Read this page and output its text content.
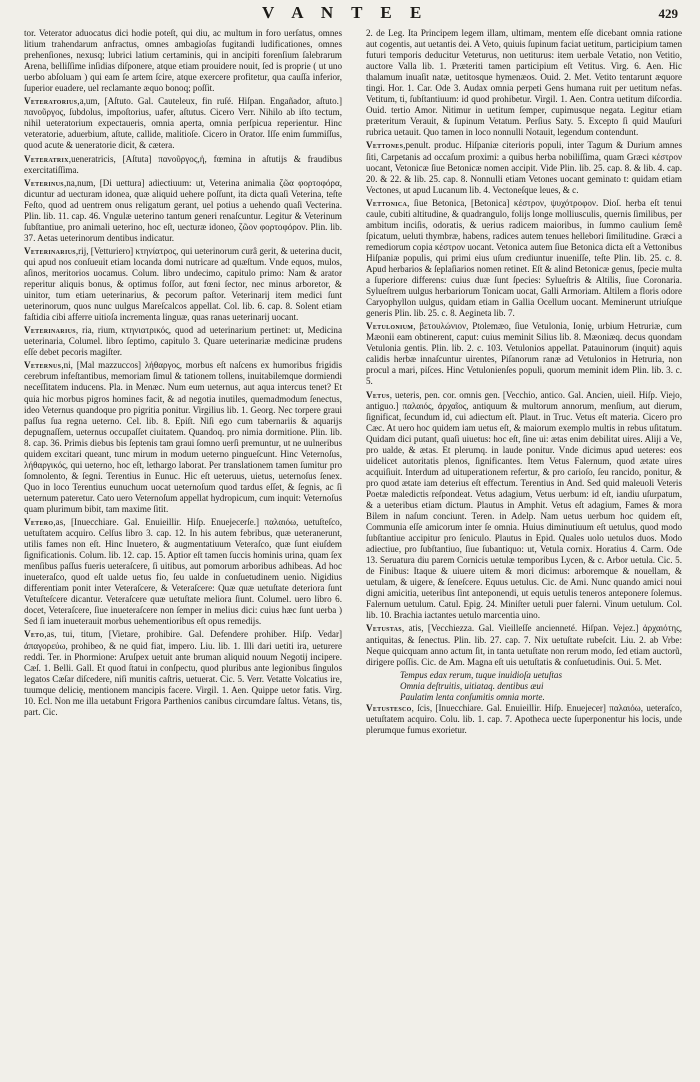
V A N T E E	429

tor. Veterator aduocatus dici hodie poteſt, qui diu, ac multum in foro uerſatus, omnes litium trahendarum anfractus, omnes ambagioſas fugitandi ludificationes, omnes prehenſiones, nexusq; lubrici latium certaminis, qui in ancipiti forenſium ſalebrarum Arena, belliſſime inſidias diſponere, atque etiam prouidere nouit, ſed is proprie ( ut uno uerbo abſoluam ) qui eam ſe artem ſcire, atque exercere profitetur, qua cauſſa inferior, ſuperior euadere, uel reclamante æquo bonoq; poſſit.

Veteratorius,a,um, [Aſtuto. Gal. Cauteleux, fin ruſé. Hiſpan. Engañador, aſtuto.] πανοῦργος, ſubdolus, impoſtorius, uafer, aſtutus. Cicero Verr. Nihilo ab iſto tectum, nihil ueteratorium expectaueris, omnia aperta, omnia perſpicua reperientur. Hinc veteratorie, aduerbium, aſtute, callide, malitioſe. Cicero in Orator. Iſſe enim ſummiſſus, quod acute & ueneratorie dicit, & cætera.

Veteratrix,ueneratricis, [Aſtuta] πανοῦργος,ἡ, fœmina in aſtutijs & fraudibus exercitatiſſima.

Veterinus,na,num, [Di uettura] adiectiuum: ut, Veterina animalia ζῶα φορτοφόρα, dicuntur ad uecturam idonea, quæ aliquid uehere poſſunt, ita dicta quaſi Veterina, teſte Feſto, quod ad uentrem onus religatum gerant, uel potius a uehendo quaſi Vecterina. Plin. lib. 11. cap. 46. Vngulæ ueterino tantum generi renaſcuntur. Legitur & Veterinum ſubſtantiue, pro animali ueterino, hoc eſt, uecturæ idoneo, ζῶον φορτοφόρον. Plin. lib. 37. Aetas ueterinorum dentibus indicatur.

Veterinarius,rij, [Vetturiero] κτηνίατρος, qui ueterinorum curâ gerit, & ueterina ducit, qui apud nos conſueuit etiam locanda domi nutricare ad quæſtum. Vnde equos, mulos, aſinos, meritorios uocamus. Colum. libro undecimo, capitulo primo: Nam & arator reperitur aliquis bonus, & optimus foſſor, aut fœni ſector, nec minus arboretor, & uinitor, tum etiam ueterinarius, & pecorum paſtor. Veterinarij item medici ſunt ueterinorum, quos nunc uulgus Mareſcalcos appellat. Col. lib. 6. cap. 8. Solent etiam faſtidia cibi afferre uitioſa incrementa linguæ, quas ranas ueterinarij uocant.

Veterinarius, ria, rium, κτηνιατρικός, quod ad ueterinarium pertinet: ut, Medicina ueterinaria, Columel. libro ſeptimo, capitulo 3. Quare ueterinariæ medicinæ prudens eſſe debet pecoris magiſter.

Veternus,ni, [Mal mazzuccos] λήθαργος, morbus eſt naſcens ex humoribus frigidis cerebrum infeſtantibus, memoriam ſimul & tationem tollens, inuitabilemque dormiendi neceſſitatem inducens. Pla. in Menæc. Num eum ueternus, aut aqua intercus tenet? Et quia hic morbus pigros homines facit, & ad negotia inutiles, quemadmodum ſenectus, ideo Veternus quandoque pro pigritia ponitur. Virgilius lib. 1. Georg. Nec torpere graui paſſus ſua regna ueterno. Cel. lib. 8. Epiſt. Niſi ego cum tabernariis & aquarijs depugnaſſem, ueternus occupaſſet ciuitatem. Quandoq. pro nimia dormitione. Plin. lib. 8. cap. 36. Primis diebus bis ſeptenis tam graui ſomno uerſi premuntur, ut ne uulneribus quidem excitari queant, tunc mirum in modum ueterno pingueſcunt. Hinc Veternoſus, λήθαργικός, qui ueterno, hoc eſt, lethargo laborat. Per translationem tamen ſumitur pro ſomnolento, & ſegni. Terentius in Eunuc. Hic eſt ueteruus, uietus, ueternoſus ſenex. Quo in loco Terentius eunuchum uocat ueternoſum quod tardus eſſet, & ſegnis, ac ſi ueternum pateretur. Cato uero Veternoſum appellat hydropicum, cum inquit: Veternoſus quam plurimum bibit, tam maxime ſitit.

Vetero,as, [Inuecchiare. Gal. Enuieillir. Hiſp. Enuejecerſe.] παλαιόω, uetuſteſco, uetuſtatem acquiro. Celſus libro 3. cap. 12. In his autem febribus, quæ ueteranerunt, utilis fames non eſt. Hinc Inuetero, & augmentatiuum Veteraſco, quæ ſunt eiuſdem ſignificationis. Colum. lib. 12. cap. 15. Aptior eſt tamen ſuccis hominis urina, quam ſex menſibus paſſus fueris ueteraſcere, ſi uitibus, aut pomorum arboribus adhibeas. Ad hoc inueteraſco, quod eſt ualde uetus fio, ſeu ualde in conſuetudinem uenio. Nigidius differentiam ponit inter Veteraſcere, & Veteraſcere: Quæ quæ uetuſtate deteriora ſunt Vetuſteſcere dicantur. Veteraſcere quæ uetuſtate meliora ſiunt. Columel. uero libro 6. docet, Veteraſcere, ſiue inueteraſcere non ſemper in melius dici: cuius hæc ſunt uerba ) Sed ſi iam inueterauit morbus uehementioribus eſt opus remedijs.

Veto,as, tui, titum, [Vietare, prohibire. Gal. Defendere prohiber. Hiſp. Vedar] ἀπαγορεύω, prohibeo, & ne quid fiat, impero. Liu. lib. 1. Illi dari uetiti ira, ueturere reddi. Ter. in Phormione: Aruſpex uetuit ante bruman aliquid nouum Negotij incipere. Cæſ. 1. Belli. Gall. Et quod ſtatui in conſpectu, quod pluribus ante legionibus ſingulos legatos Cæſar diſcedere, niſi munitis caſtris, uetuerat. Cic. 5. Verr. Vetatte Volcatius ire, tuumque delicię, mentionem mancipis facere. Virgil. 1. Aen. Quippe uetor fatis. Virg. 10. Ecl. Non me illa uetabunt Frigora Parthenios canibus circumdare ſaltus. Vetans, tis, part. Cic.

2. de Leg. Ita Principem legem illam, ultimam, mentem eſſe dicebant omnia ratione aut cogentis, aut uetantis dei. A Veto, quiuis ſupinum faciat uetitum, participium tamen futuri temporis deducitur Veteturus, non uetiturus: item uerbale Vetatio, non Vetitio, auctore Valla lib. 1. Præteriti tamen participium eſt Vetitus. Virg. 6. Aen. Hic thalamum inuaſit natæ, uetitosque hymenæos. Ouid. 2. Met. Vetito tentarunt æquore tingi. Hor. 1. Car. Ode 3. Audax omnia perpeti Gens humana ruit per uetitum nefas. Vetitum, ti, ſubſtantiuum: id quod prohibetur. Virgil. 1. Aen. Contra uetitum diſcordia. Ouid. tertio Amor. Nitimur in uetitum ſemper, cupimusque negata. Legitur etiam præteritum Verauit, & ſupinum Vetatum. Perſius Saty. 5. Excepto ſi quid Mauſuri rubrica uetauit. Quo tamen in loco nonnulli Notauit, legendum contendunt.

Vettones,penult. produc. Hiſpaniæ citerioris populi, inter Tagum & Durium amnes ſiti, Carpetanis ad occaſum proximi: a quibus herba nobiliſſima, quam Græci κέστρον uocant, Vetonicæ ſiue Betonicæ nomen accipit. Vide Plin. lib. 25. cap. 8. & lib. 4. cap. 20. & 22. & lib. 25. cap. 8. Nonnulli etiam Vetones uocant geminato t: quidam etiam Vectones, ut apud Lucanum lib. 4. Vectoneſque leues, & c.

Vettonica, ſiue Betonica, [Betonica] κέστρον, ψυχότροφον. Dioſ. herba eſt tenui caule, cubiti altitudine, & quadrangulo, folijs longe molliusculis, quernis ſimilibus, per ambitum inciſis, odoratis, & uerius radicem maioribus, in ſummo caulium ſemê ſpicatum, ueluti thymbræ, habens, radices autem tenues hellebori ſimilitudine. Græci a remediorum copia κέστρον uocant. Vetonica autem ſiue Betonica dicta eſt a Vettonibus Hiſpaniæ populis, qui primi eius uſum crediuntur inueniſſe, teſte Plin. lib. 25. c. 8. Apud herbarios & ſeplaſiarios nomen retinet. Eſt & alind Betonicæ genus, ſpecie multa a ſuperiore differens: cuius duæ ſunt ſpecies: Sylueſtris & Altilis, ſiue Coronaria. Sylueſtrem uulgus herbariorum Tonicam uocat, Galli Armoriam. Altilem a floris odore Caryophyllon uulgus, quidam etiam in Gallia Ocellum uocant. Meminerunt utriuſque generis Plin. lib. 25. c. 8. Aegineta lib. 7.

Vetulonium, βετουλώνιον, Ptolemæo, ſiue Vetulonia, Ionię, urbium Hetruriæ, cum Mæonii eam obtinerent, caput: cuius meminit Silius lib. 8. Mæoniæq. decus quondam Vetulonia gentis. Plin. lib. 2. c. 103. Vetulonios appellat. Patauinorum (inquit) aquis calidis herbæ innaſcuntur uirentes, Piſanorum ranæ ad Vetulonios in Hetruria, non procul a mari, piſces. Hinc Vetulonienſes populi, quorum meminit idem Plin. lib. 3. c. 5.

Vetus, ueteris, pen. cor. omnis gen. [Vecchio, antico. Gal. Ancien, uieil. Hiſp. Viejo, antiguo.] παλαιός, ἀρχαῖος, antiquum & multorum annorum, menſium, aut dierum, ſignificat, ſecundum id, cui adiectum eſt. Plaut. in Truc. Vetus eſt materia. Cicero pro Cæc. At uero hoc quidem iam uetus eſt, & maiorum exemplo multis in rebus uſitatum. Quidam dici putant, quaſi uiuetus: hoc eſt, ſine ui: ætas enim debilitat uires. Aliji a Ve, pro ualde, & ætas. Et plerumq. in laude ponitur. Vnde dicimus apud ueteres: eos uidelicet autoritatis plenos, ſignificantes. Item Vetus Falernum, quod ætate uires acquiſiuit. Interdum ad uituperationem refertur, & pro carioſo, ſeu rancido, ponitur, & pro quod ætate iam deterius eſt effectum. Terentius in And. Sed quid maleuoli Veteris Poetæ maledictis reſpondeat. Vetus adagium, Vetus uerbum: id eſt, iandiu uſurpatum, & a ueteribus etiam dictum. Plautus in Amphit. Vetus eſt adagium, Fames & mora Bilem in naſum conciunt. Teren. in Adelp. Nam uetus uerbum hoc quidem eſt, Communia eſſe amicorum inter ſe omnia. Huius diminutiuum eſt uetulus, quod modo ſubſtantiue accipitur pro ſeniculo. Plautus in Epid. Quales uolo uetulos duos. Modo adiectiue, pro ſubſtantiuo, ſiue ſubantiquo: ut, Vetula cornix. Horatius 4. Carm. Ode 13. Seruatura diu parem Cornicis uetulæ temporibus Lycen, & c. Arbor uetula. Cic. 5. de Finibus: Itaque & uiuere uitem & mori dicimus: arboremque & nouellam, & uetulam, & uigere, & ſeneſcere. Equus uetulus. Cic. de Ami. Nunc quando amici noui digni amicitia, ueteribus ſint anteponendi, ut equis uetulis teneros anteponere ſolemus. Falernum uetulum. Catul. Epig. 24. Miniſter uetuli puer falerni. Vinum uetulum. Col. lib. 10. Brachia iactantes uetulo marcentia uino.

Vetustas, atis, [Vecchiezza. Gal. Vieilleſſe ancienneté. Hiſpan. Vejez.] ἀρχαιότης, antiquitas, & ſenectus. Plin. lib. 27. cap. 7. Nix uetuſtate rubeſcit. Liu. 2. ab Vrbe: Neque quicquam anno actum ſit, in tanta uetuſtate non rerum modo, ſed etiam auctorũ, dirigere poſſis. Cic. de Am. Magna eſt uis uetuſtatis & conſuetudinis. Oui. 5. Met.

Tempus edax rerum, tuque inuidioſa uetuſtas
Omnia deſtruitis, uitiataq. dentibus æui
Paulatim lenta conſumitis omnia morte.

Vetustesco, ſcis, [Inuecchiare. Gal. Enuieillir. Hiſp. Enuejecer] παλαιόω, ueteraſco, uetuſtatem acquiro. Colu. lib. 1. cap. 7. Apotheca uecte ſuperponentur his locis, unde plerumque fumus exorietur.
